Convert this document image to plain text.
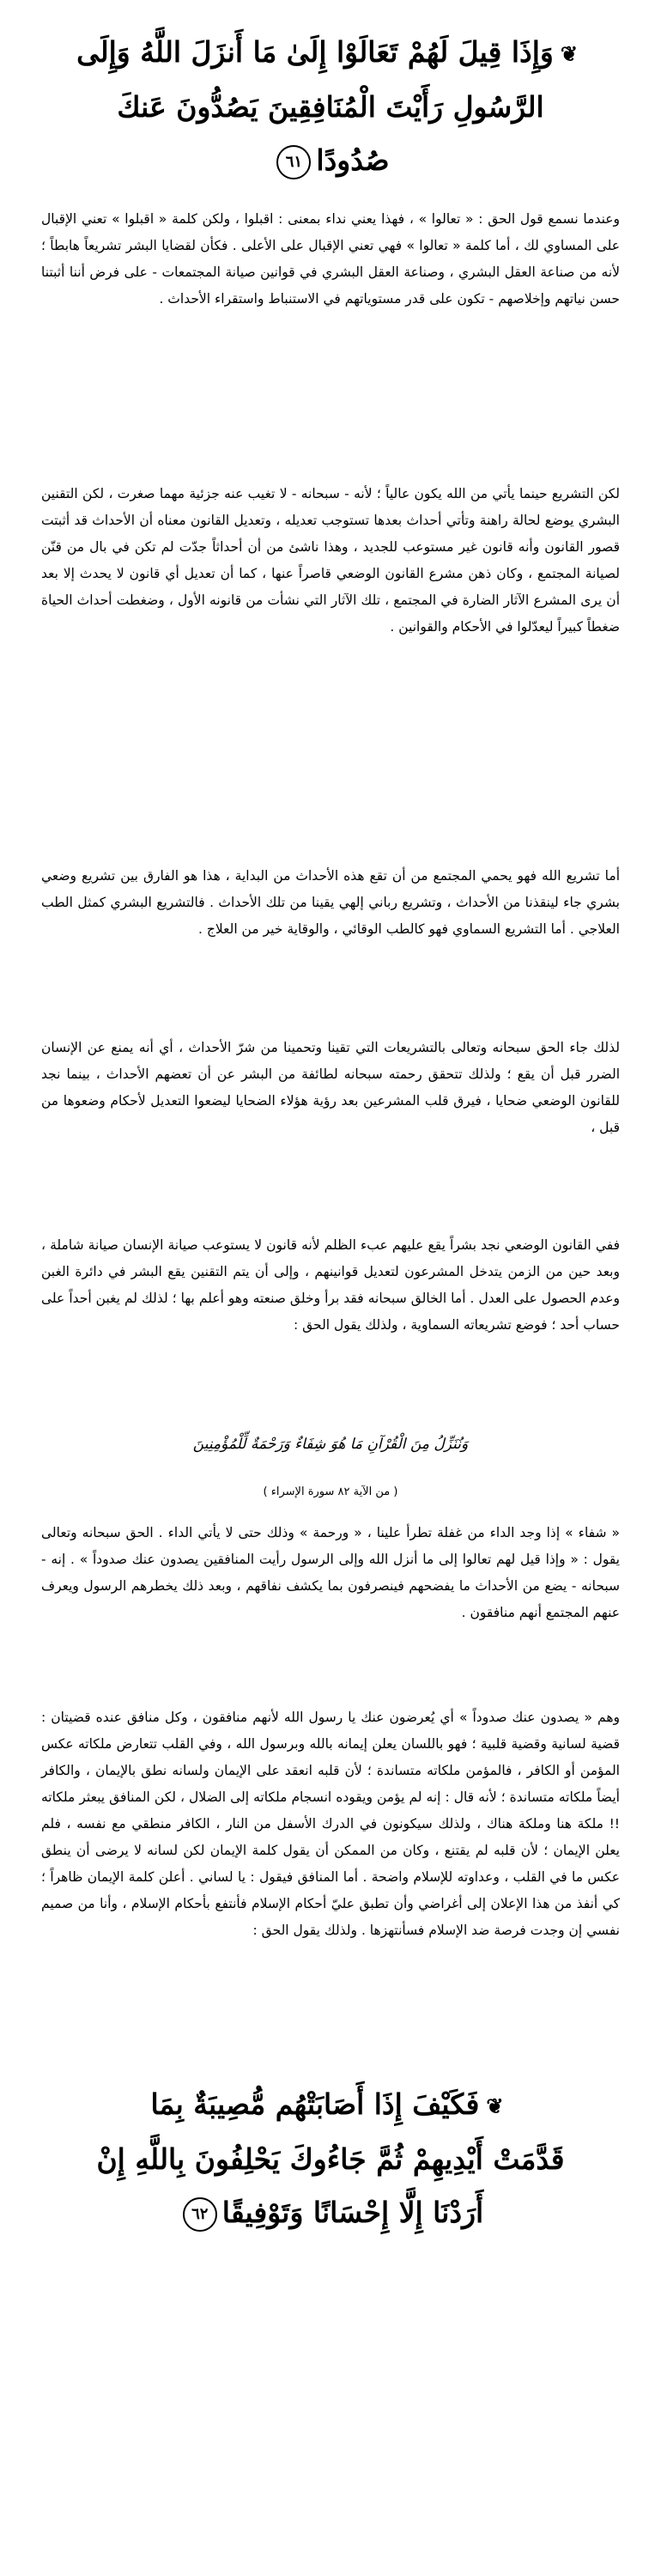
❦وَإِذَا قِيلَ لَهُمْ تَعَالَوْا إِلَىٰ مَا أَنزَلَ اللَّهُ وَإِلَى
الرَّسُولِ رَأَيْتَ الْمُنَافِقِينَ يَصُدُّونَ عَنكَ
صُدُودًا٦١
وعندما نسمع قول الحق : « تعالوا » ، فهذا يعني نداء بمعنى : اقبلوا ، ولكن كلمة « اقبلوا » تعني الإقبال على المساوي لك ، أما كلمة « تعالوا » فهي تعني الإقبال على الأعلى . فكأن لقضايا البشر تشريعاً هابطاً ؛ لأنه من صناعة العقل البشري ، وصناعة العقل البشري في قوانين صيانة المجتمعات - على فرض أننا أثبتنا حسن نياتهم وإخلاصهم - تكون على قدر مستوياتهم في الاستنباط واستقراء الأحداث .
لكن التشريع حينما يأتي من الله يكون عالياً ؛ لأنه - سبحانه - لا تغيب عنه جزئية مهما صغرت ، لكن التقنين البشري يوضع لحالة راهنة وتأتي أحداث بعدها تستوجب تعديله ، وتعديل القانون معناه أن الأحداث قد أثبتت قصور القانون وأنه قانون غير مستوعب للجديد ، وهذا ناشئ من أن أحداثاً جدّت لم تكن في بال من قنّن لصيانة المجتمع ، وكان ذهن مشرع القانون الوضعي قاصراً عنها ، كما أن تعديل أي قانون لا يحدث إلا بعد أن يرى المشرع الآثار الضارة في المجتمع ، تلك الآثار التي نشأت من قانونه الأول ، وضغطت أحداث الحياة ضغطاً كبيراً ليعدّلوا في الأحكام والقوانين .
أما تشريع الله فهو يحمي المجتمع من أن تقع هذه الأحداث من البداية ، هذا هو الفارق بين تشريع وضعي بشري جاء لينقذنا من الأحداث ، وتشريع رباني إلهي يقينا من تلك الأحداث . فالتشريع البشري كمثل الطب العلاجي . أما التشريع السماوي فهو كالطب الوقائي ، والوقاية خير من العلاج .
لذلك جاء الحق سبحانه وتعالى بالتشريعات التي تقينا وتحمينا من شرّ الأحداث ، أي أنه يمنع عن الإنسان الضرر قبل أن يقع ؛ ولذلك تتحقق رحمته سبحانه لطائفة من البشر عن أن تعضهم الأحداث ، بينما نجد للقانون الوضعي ضحايا ، فيرق قلب المشرعين بعد رؤية هؤلاء الضحايا ليضعوا التعديل لأحكام وضعوها من قبل ،
ففي القانون الوضعي نجد بشراً يقع عليهم عبء الظلم لأنه قانون لا يستوعب صيانة الإنسان صيانة شاملة ، وبعد حين من الزمن يتدخل المشرعون لتعديل قوانينهم ، وإلى أن يتم التقنين يقع البشر في دائرة الغبن وعدم الحصول على العدل . أما الخالق سبحانه فقد برأ وخلق صنعته وهو أعلم بها ؛ لذلك لم يغبن أحداً على حساب أحد ؛ فوضع تشريعاته السماوية ، ولذلك يقول الحق :
وَنُنَزِّلُ مِنَ الْقُرْآنِ مَا هُوَ شِفَاءٌ وَرَحْمَةٌ لِّلْمُؤْمِنِينَ
( من الآية ٨٢ سورة الإسراء )
« شفاء » إذا وجد الداء من غفلة تطرأ علينا ، « ورحمة » وذلك حتى لا يأتي الداء . الحق سبحانه وتعالى يقول : « وإذا قيل لهم تعالوا إلى ما أنزل الله وإلى الرسول رأيت المنافقين يصدون عنك صدوداً » . إنه - سبحانه - يضع من الأحداث ما يفضحهم فينصرفون بما يكشف نفاقهم ، وبعد ذلك يخطرهم الرسول ويعرف عنهم المجتمع أنهم منافقون .
وهم « يصدون عنك صدوداً » أي يُعرضون عنك يا رسول الله لأنهم منافقون ، وكل منافق عنده قضيتان : قضية لسانية وقضية قلبية ؛ فهو باللسان يعلن إيمانه بالله وبرسول الله ، وفي القلب تتعارض ملكاته عكس المؤمن أو الكافر ، فالمؤمن ملكاته متساندة ؛ لأن قلبه انعقد على الإيمان ولسانه نطق بالإيمان ، والكافر أيضاً ملكاته متساندة ؛ لأنه قال : إنه لم يؤمن ويقوده انسجام ملكاته إلى الضلال ، لكن المنافق يبعثر ملكاته !! ملكة هنا وملكة هناك ، ولذلك سيكونون في الدرك الأسفل من النار ، الكافر منطقي مع نفسه ، فلم يعلن الإيمان ؛ لأن قلبه لم يقتنع ، وكان من الممكن أن يقول كلمة الإيمان لكن لسانه لا يرضى أن ينطق عكس ما في القلب ، وعداوته للإسلام واضحة . أما المنافق فيقول : يا لساني . أعلن كلمة الإيمان ظاهراً ؛ كي أنفذ من هذا الإعلان إلى أغراضي وأن تطبق عليّ أحكام الإسلام فأنتفع بأحكام الإسلام ، وأنا من صميم نفسي إن وجدت فرصة ضد الإسلام فسأنتهزها . ولذلك يقول الحق :
❦فَكَيْفَ إِذَا أَصَابَتْهُم مُّصِيبَةٌ بِمَا
قَدَّمَتْ أَيْدِيهِمْ ثُمَّ جَاءُوكَ يَحْلِفُونَ بِاللَّهِ إِنْ
أَرَدْنَا إِلَّا إِحْسَانًا وَتَوْفِيقًا٦٢
